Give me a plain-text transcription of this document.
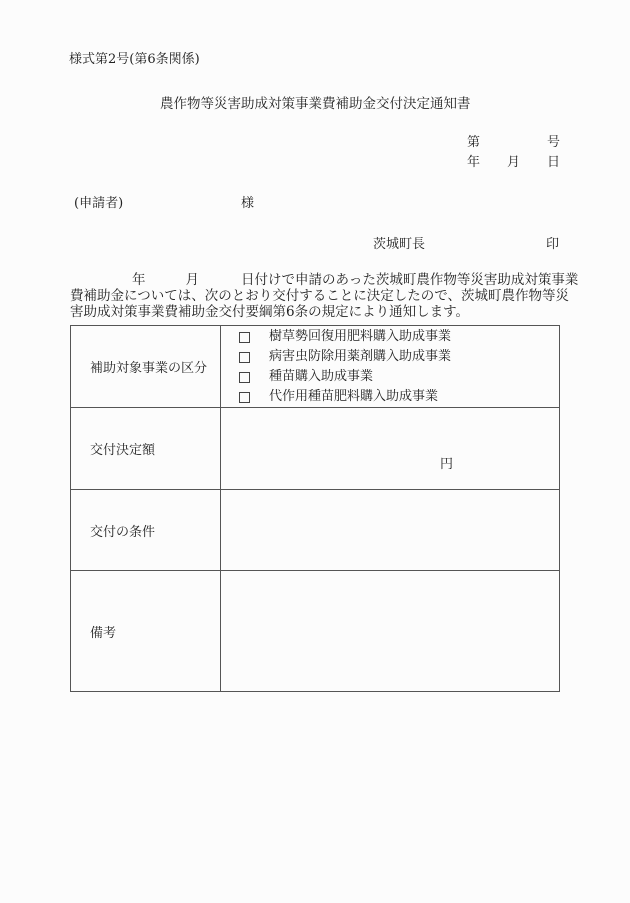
様式第2号(第6条関係)
農作物等災害助成対策事業費補助金交付決定通知書
第	号
年 月 日
(申請者)	様
茨城町長	印
年	月	日付けで申請のあった茨城町農作物等災害助成対策事業
費補助金については、次のとおり交付することに決定したので、茨城町農作物等災
害助成対策事業費補助金交付要綱第6条の規定により通知します。
補助対象事業の区分	
樹草勢回復用肥料購入助成事業
病害虫防除用薬剤購入助成事業
種苗購入助成事業
代作用種苗肥料購入助成事業

交付決定額	円

交付の条件	
備考	
